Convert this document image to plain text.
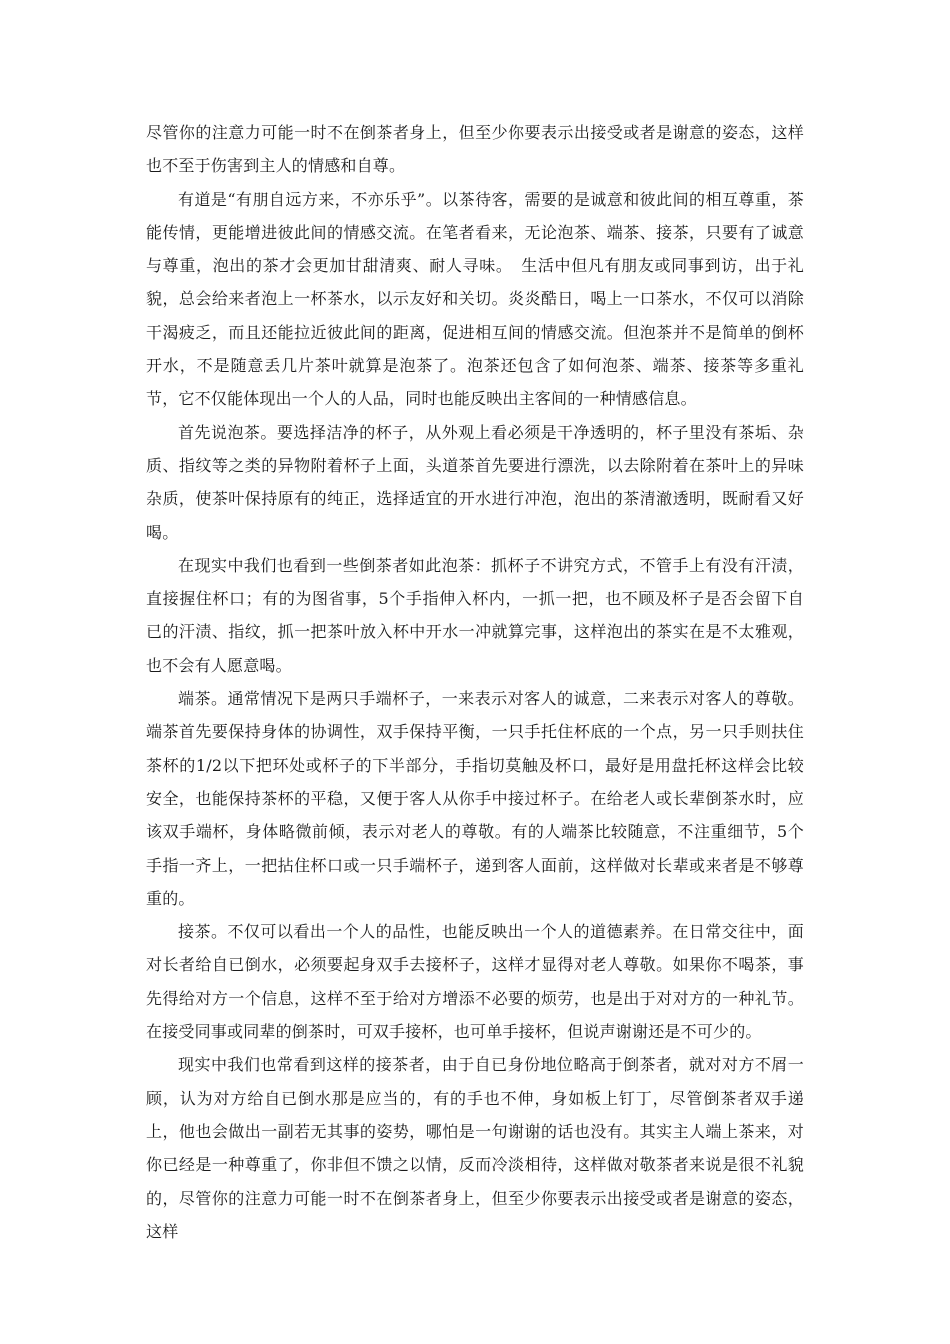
尽管你的注意力可能一时不在倒茶者身上，但至少你要表示出接受或者是谢意的姿态，这样也不至于伤害到主人的情感和自尊。

有道是“有朋自远方来，不亦乐乎”。以茶待客，需要的是诚意和彼此间的相互尊重，茶能传情，更能增进彼此间的情感交流。在笔者看来，无论泡茶、端茶、接茶，只要有了诚意与尊重，泡出的茶才会更加甘甜清爽、耐人寻味。　生活中但凡有朋友或同事到访，出于礼貌，总会给来者泡上一杯茶水，以示友好和关切。炎炎酷日，喝上一口茶水，不仅可以消除干渴疲乏，而且还能拉近彼此间的距离，促进相互间的情感交流。但泡茶并不是简单的倒杯开水，不是随意丢几片茶叶就算是泡茶了。泡茶还包含了如何泡茶、端茶、接茶等多重礼节，它不仅能体现出一个人的人品，同时也能反映出主客间的一种情感信息。

首先说泡茶。要选择洁净的杯子，从外观上看必须是干净透明的，杯子里没有茶垢、杂质、指纹等之类的异物附着杯子上面，头道茶首先要进行漂洗，以去除附着在茶叶上的异味杂质，使茶叶保持原有的纯正，选择适宜的开水进行冲泡，泡出的茶清澈透明，既耐看又好喝。

在现实中我们也看到一些倒茶者如此泡茶：抓杯子不讲究方式，不管手上有没有汗渍，直接握住杯口；有的为图省事，5个手指伸入杯内，一抓一把，也不顾及杯子是否会留下自已的汗渍、指纹，抓一把茶叶放入杯中开水一冲就算完事，这样泡出的茶实在是不太雅观，也不会有人愿意喝。

端茶。通常情况下是两只手端杯子，一来表示对客人的诚意，二来表示对客人的尊敬。端茶首先要保持身体的协调性，双手保持平衡，一只手托住杯底的一个点，另一只手则扶住茶杯的1/2以下把环处或杯子的下半部分，手指切莫触及杯口，最好是用盘托杯这样会比较安全，也能保持茶杯的平稳，又便于客人从你手中接过杯子。在给老人或长辈倒茶水时，应该双手端杯，身体略微前倾，表示对老人的尊敬。有的人端茶比较随意，不注重细节，5个手指一齐上，一把拈住杯口或一只手端杯子，递到客人面前，这样做对长辈或来者是不够尊重的。

接茶。不仅可以看出一个人的品性，也能反映出一个人的道德素养。在日常交往中，面对长者给自已倒水，必须要起身双手去接杯子，这样才显得对老人尊敬。如果你不喝茶，事先得给对方一个信息，这样不至于给对方增添不必要的烦劳，也是出于对对方的一种礼节。在接受同事或同辈的倒茶时，可双手接杯，也可单手接杯，但说声谢谢还是不可少的。

现实中我们也常看到这样的接茶者，由于自已身份地位略高于倒茶者，就对对方不屑一顾，认为对方给自已倒水那是应当的，有的手也不伸，身如板上钉丁，尽管倒茶者双手递上，他也会做出一副若无其事的姿势，哪怕是一句谢谢的话也没有。其实主人端上茶来，对你已经是一种尊重了，你非但不馈之以情，反而冷淡相待，这样做对敬茶者来说是很不礼貌的，尽管你的注意力可能一时不在倒茶者身上，但至少你要表示出接受或者是谢意的姿态，这样
